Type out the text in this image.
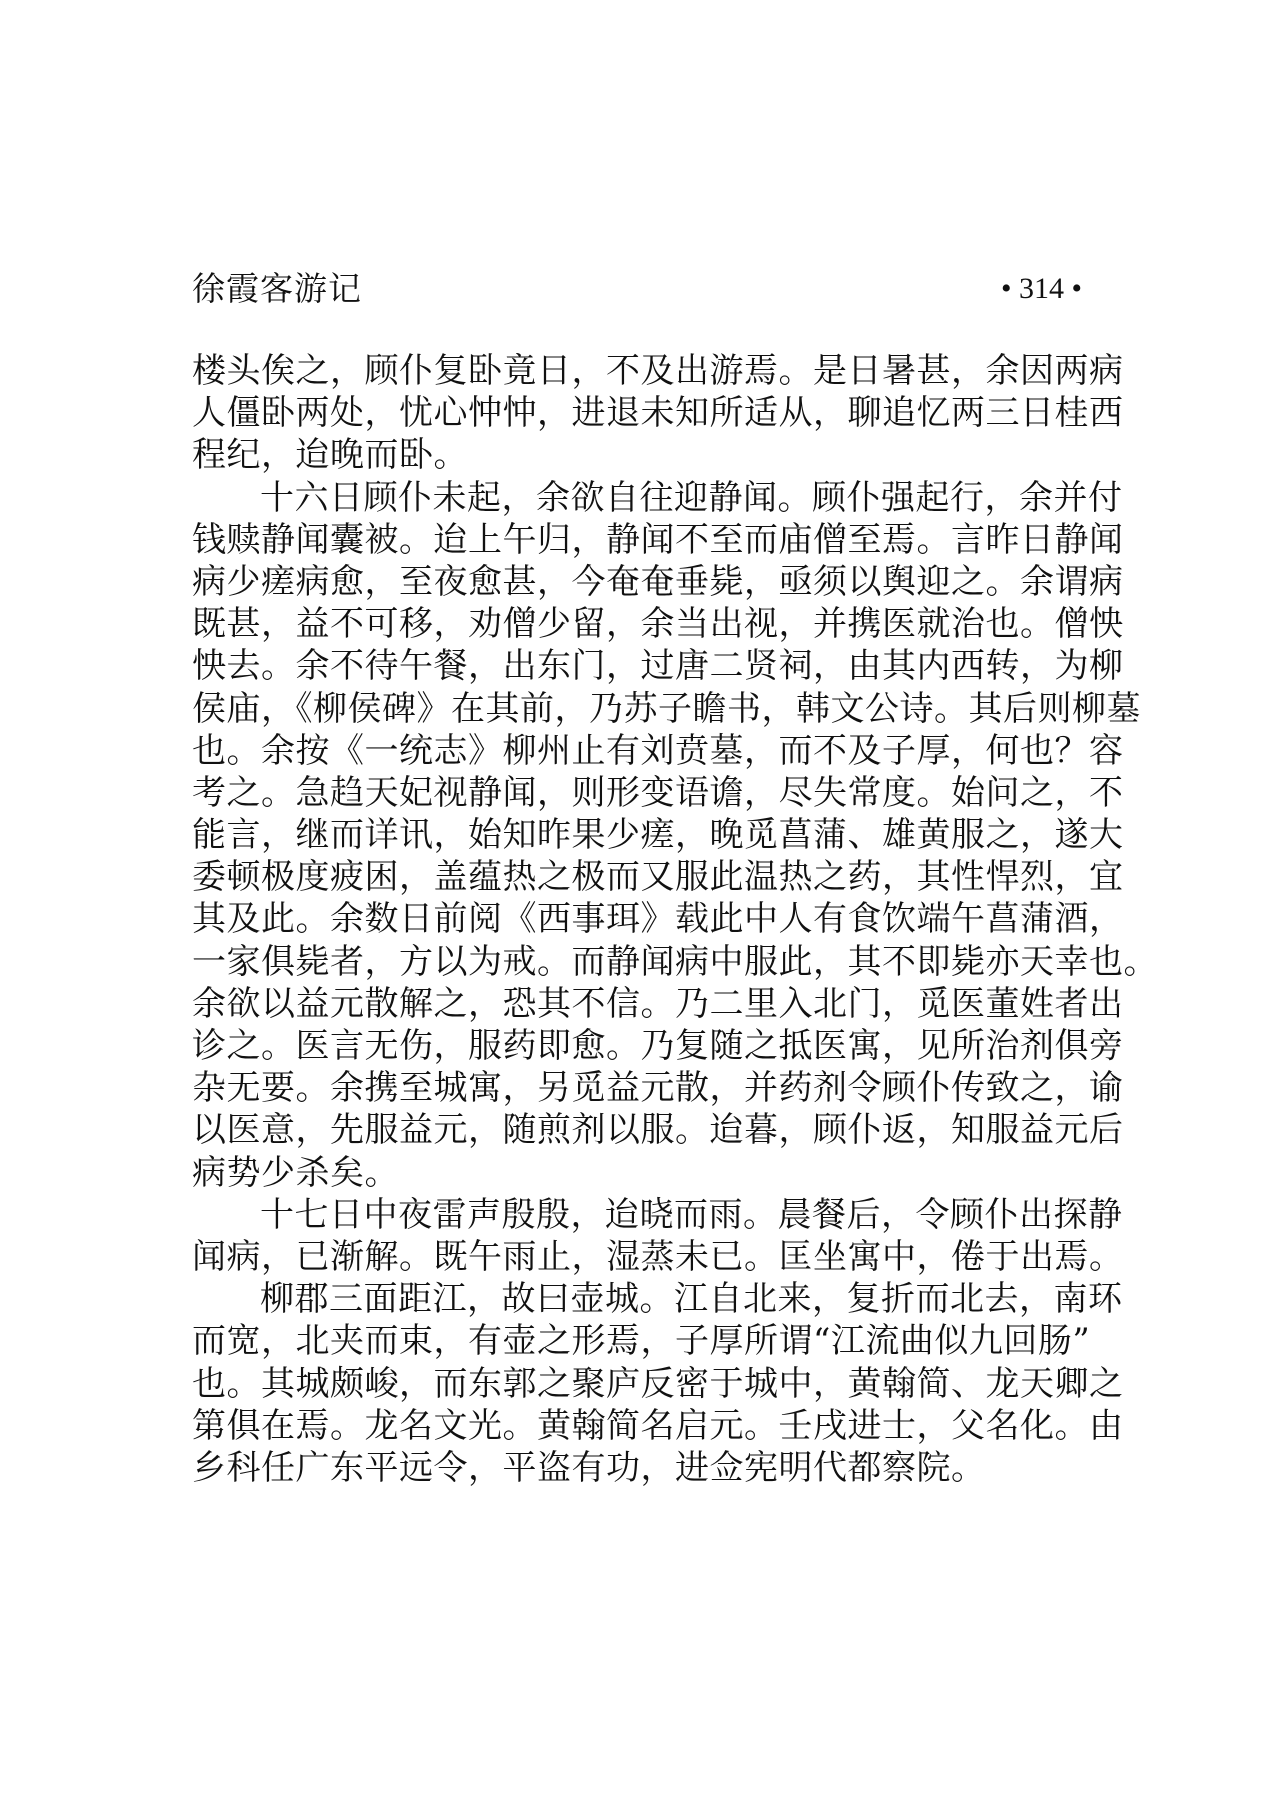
徐霞客游记	• 314 •
楼头俟之，顾仆复卧竟日，不及出游焉。是日暑甚，余因两病
人僵卧两处，忧心忡忡，进退未知所适从，聊追忆两三日桂西
程纪，迨晚而卧。
十六日顾仆未起，余欲自往迎静闻。顾仆强起行，余并付
钱赎静闻囊被。迨上午归，静闻不至而庙僧至焉。言昨日静闻
病少瘥病愈，至夜愈甚，今奄奄垂毙，亟须以舆迎之。余谓病
既甚，益不可移，劝僧少留，余当出视，并携医就治也。僧怏
怏去。余不待午餐，出东门，过唐二贤祠，由其内西转，为柳
侯庙，《柳侯碑》在其前，乃苏子瞻书，韩文公诗。其后则柳墓
也。余按《一统志》柳州止有刘贲墓，而不及子厚，何也？容
考之。急趋天妃视静闻，则形变语谵，尽失常度。始问之，不
能言，继而详讯，始知昨果少瘥，晚觅菖蒲、雄黄服之，遂大
委顿极度疲困，盖蕴热之极而又服此温热之药，其性悍烈，宜
其及此。余数日前阅《西事珥》载此中人有食饮端午菖蒲酒，
一家俱毙者，方以为戒。而静闻病中服此，其不即毙亦天幸也。
余欲以益元散解之，恐其不信。乃二里入北门，觅医董姓者出
诊之。医言无伤，服药即愈。乃复随之抵医寓，见所治剂俱旁
杂无要。余携至城寓，另觅益元散，并药剂令顾仆传致之，谕
以医意，先服益元，随煎剂以服。迨暮，顾仆返，知服益元后
病势少杀矣。
十七日中夜雷声殷殷，迨晓而雨。晨餐后，令顾仆出探静
闻病，已渐解。既午雨止，湿蒸未已。匡坐寓中，倦于出焉。
柳郡三面距江，故曰壶城。江自北来，复折而北去，南环
而宽，北夹而束，有壶之形焉，子厚所谓“江流曲似九回肠”
也。其城颇峻，而东郭之聚庐反密于城中，黄翰简、龙天卿之
第俱在焉。龙名文光。黄翰简名启元。壬戌进士，父名化。由
乡科任广东平远令，平盗有功，进佥宪明代都察院。
